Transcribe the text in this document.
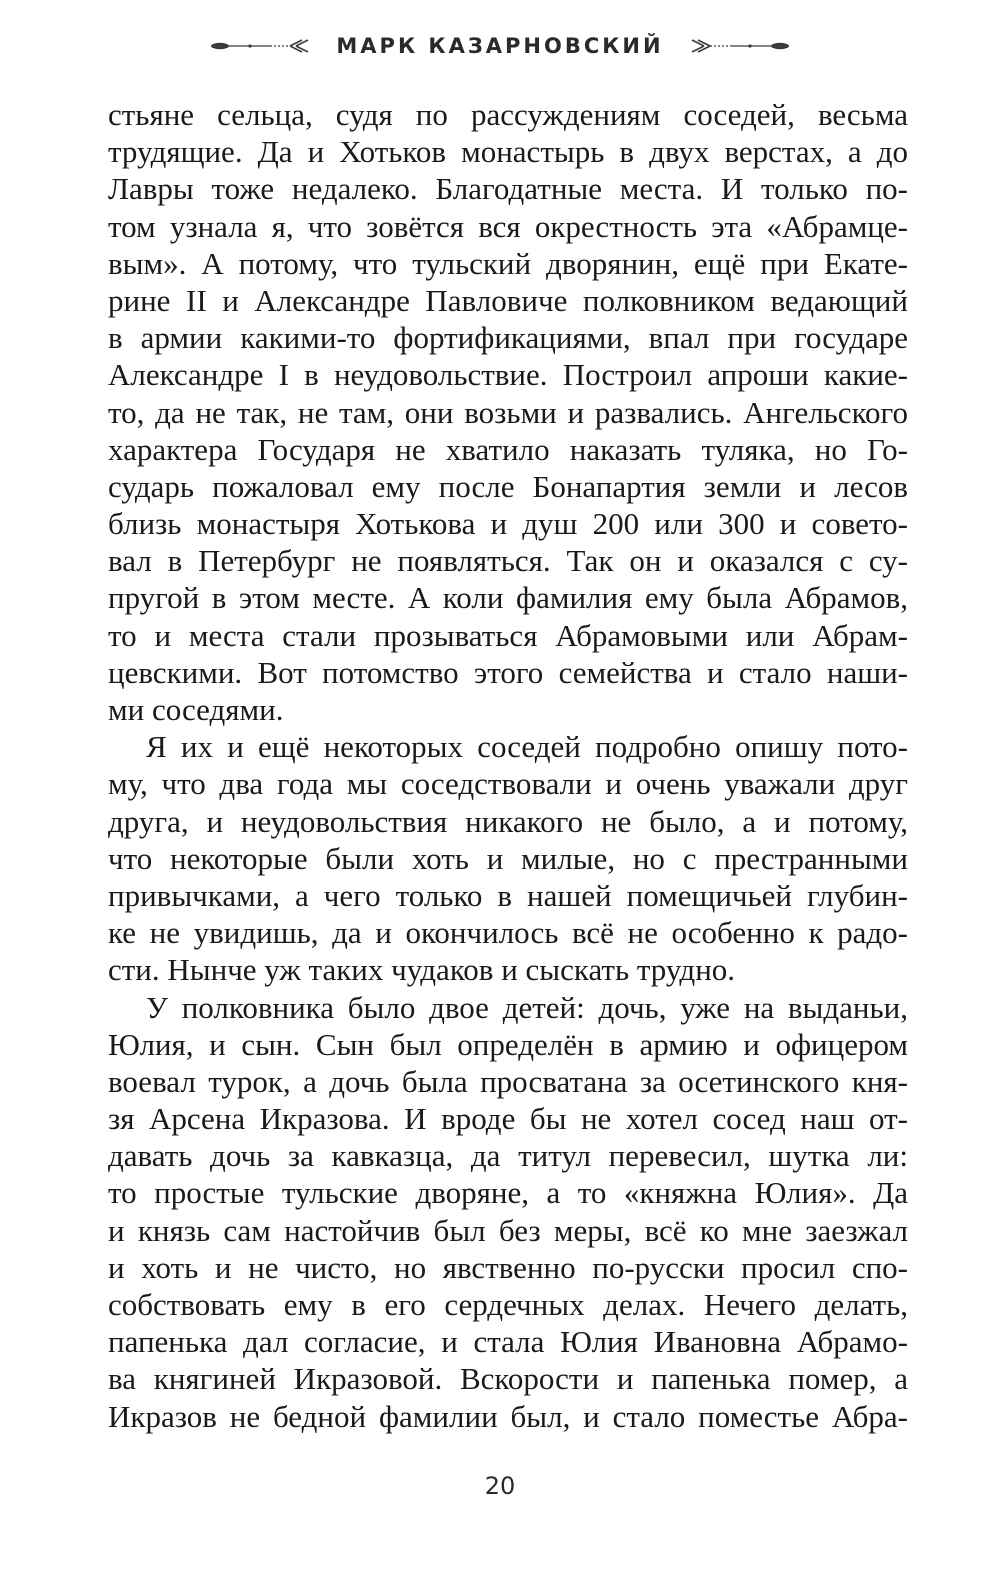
МАРК КАЗАРНОВСКИЙ
стьяне сельца, судя по рассуждениям соседей, весьма
трудящие. Да и Хотьков монастырь в двух верстах, а до
Лавры тоже недалеко. Благодатные места. И только по-
том узнала я, что зовётся вся окрестность эта «Абрамце-
вым». А потому, что тульский дворянин, ещё при Екате-
рине II и Александре Павловиче полковником ведающий
в армии какими-то фортификациями, впал при государе
Александре I в неудовольствие. Построил апроши какие-
то, да не так, не там, они возьми и развались. Ангельского
характера Государя не хватило наказать туляка, но Го-
сударь пожаловал ему после Бонапартия земли и лесов
близь монастыря Хотькова и душ 200 или 300 и совето-
вал в Петербург не появляться. Так он и оказался с су-
пругой в этом месте. А коли фамилия ему была Абрамов,
то и места стали прозываться Абрамовыми или Абрам-
цевскими. Вот потомство этого семейства и стало наши-
ми соседями.
Я их и ещё некоторых соседей подробно опишу пото-
му, что два года мы соседствовали и очень уважали друг
друга, и неудовольствия никакого не было, а и потому,
что некоторые были хоть и милые, но с престранными
привычками, а чего только в нашей помещичьей глубин-
ке не увидишь, да и окончилось всё не особенно к радо-
сти. Нынче уж таких чудаков и сыскать трудно.
У полковника было двое детей: дочь, уже на выданьи,
Юлия, и сын. Сын был определён в армию и офицером
воевал турок, а дочь была просватана за осетинского кня-
зя Арсена Икразова. И вроде бы не хотел сосед наш от-
давать дочь за кавказца, да титул перевесил, шутка ли:
то простые тульские дворяне, а то «княжна Юлия». Да
и князь сам настойчив был без меры, всё ко мне заезжал
и хоть и не чисто, но явственно по-русски просил спо-
собствовать ему в его сердечных делах. Нечего делать,
папенька дал согласие, и стала Юлия Ивановна Абрамо-
ва княгиней Икразовой. Вскорости и папенька помер, а
Икразов не бедной фамилии был, и стало поместье Абра-
20
